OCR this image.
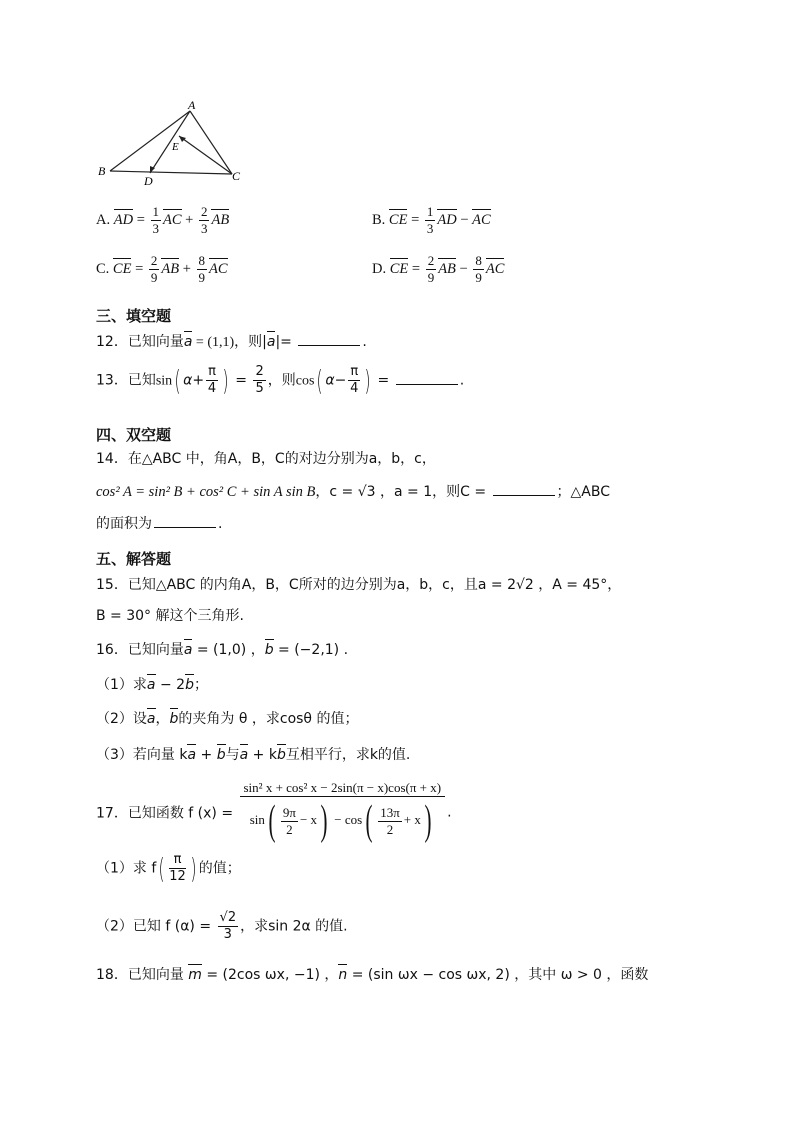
A
B	C
D
E
A. AD = $\frac{1}{3}$ AC + $\frac{2}{3}$ AB	B. CE = $\frac{1}{3}$ AD − AC
C. CE = $\frac{2}{9}$ AB + $\frac{8}{9}$ AC	D. CE = $\frac{2}{9}$ AB − $\frac{8}{9}$ AC
三、填空题
12．已知向量a = (1,1)，则|a|=	.
13．已知sin( $\alpha+ \frac{\pi}{4}$ ) = $\frac{2}{5}$ ，则cos( $\alpha- \frac{\pi}{4}$ ) =	.
四、双空题
14．在△ABC 中，角A，B，C的对边分别为a，b，c，
cos² A = sin² B + cos² C + sin A sin B，c = √3 ，a = 1，则C =	；△ABC
的面积为	.
五、解答题
15．已知△ABC 的内角A，B，C所对的边分别为a，b，c，且a = 2√2 ，A = 45°，
B = 30° 解这个三角形.
16．已知向量a = (1,0) ，b = (−2,1) .
（1）求a − 2b；
（2）设a，b的夹角为 θ ，求cosθ 的值；
（3）若向量 ka + b与a + kb互相平行，求k的值.
17．已知函数 f $(x) = \frac{\text{sin² x + cos² x − 2sin(π − x)cos(π + x)}}{\sin( \frac{9\pi}{2} - x) - \cos( \frac{13\pi}{2} + x)}$ .
（1）求 $f( \frac{\pi}{12}$ ) 的值；
（2）已知 f $(\alpha) = \frac{√2}{3}$ ，求sin 2α 的值.
18．已知向量 m = (2cos ωx, −1) ，n = (sin ωx − cos ωx, 2) ，其中 ω > 0 ，函数
